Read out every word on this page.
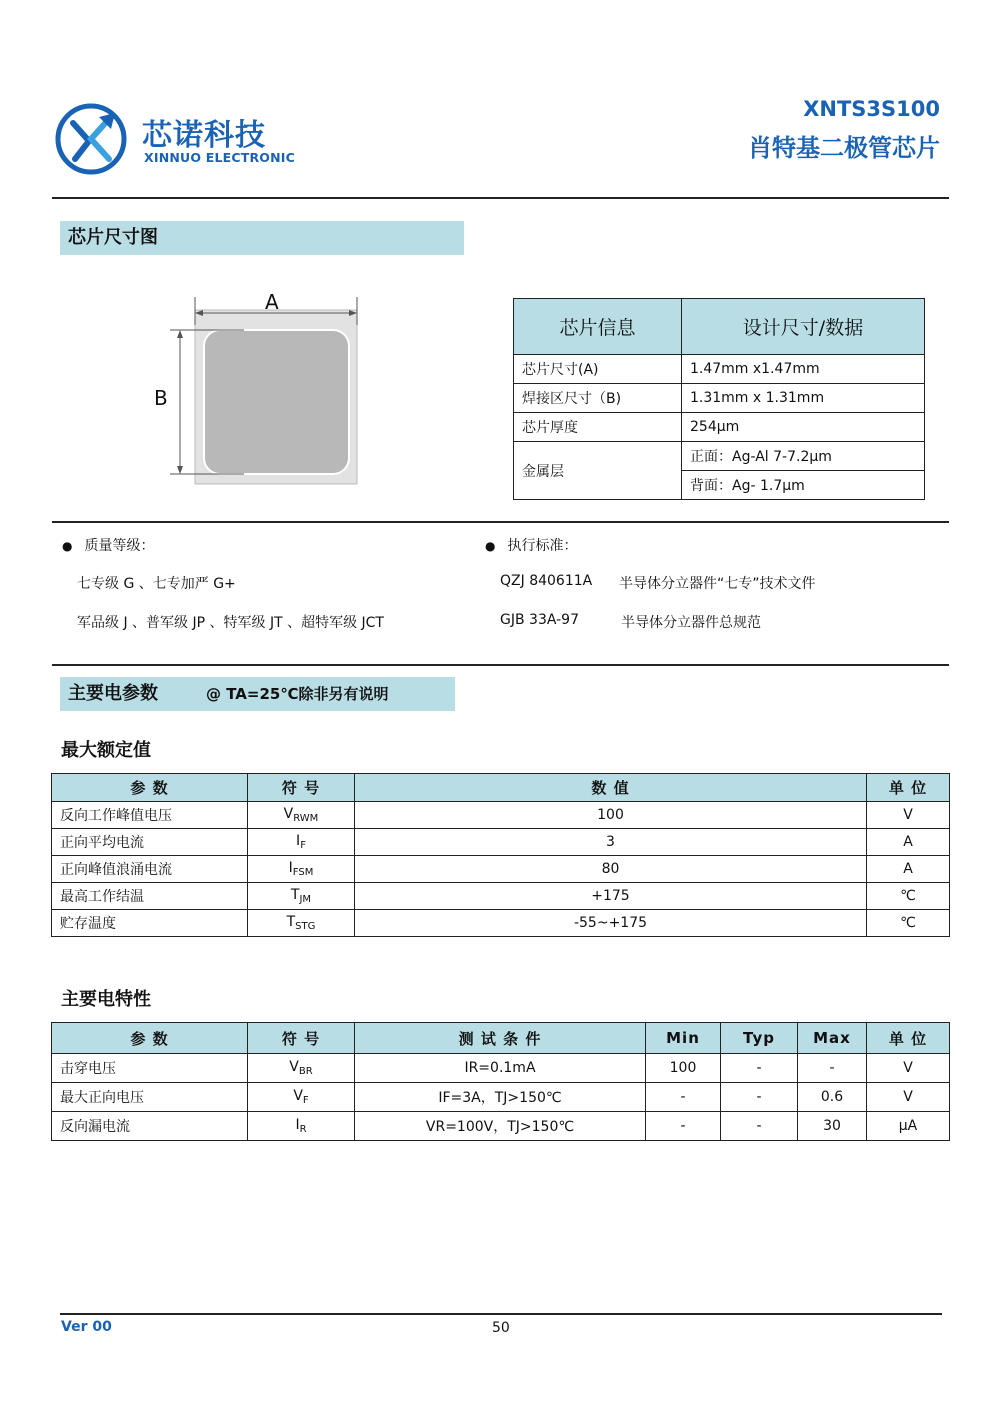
芯诺科技
XINNUO ELECTRONIC
XNTS3S100
肖特基二极管芯片
芯片尺寸图
A
B
芯片信息	设计尺寸/数据
芯片尺寸(A)	1.47mm x1.47mm
焊接区尺寸（B)	1.31mm x 1.31mm
芯片厚度	254μm
金属层	正面：Ag-Al 7-7.2μm
	背面：Ag- 1.7μm
● 质量等级：
七专级 G 、七专加严 G+
军品级 J 、普军级 JP 、特军级 JT 、超特军级 JCT
● 执行标准：
QZJ 840611A 半导体分立器件“七专”技术文件
GJB 33A-97	半导体分立器件总规范
主要电参数	@ TA=25℃除非另有说明
最大额定值
参 数	符 号	数 值	单 位
反向工作峰值电压	$V_{RWM}$	100	V
正向平均电流	$I_F$	3	A
正向峰值浪涌电流	$I_{FSM}$	80	A
最高工作结温	$T_{JM}$	+175	℃
贮存温度	$T_{STG}$	-55~+175	℃
主要电特性
参 数	符 号	测 试 条 件	Min	Typ	Max	单 位
击穿电压	$V_{BR}$	IR=0.1mA	100	-	-	V
最大正向电压	$V_F$	IF=3A，TJ>150℃	-	-	0.6	V
反向漏电流	$I_R$	VR=100V，TJ>150℃	-	-	30	μA
Ver 00	50
